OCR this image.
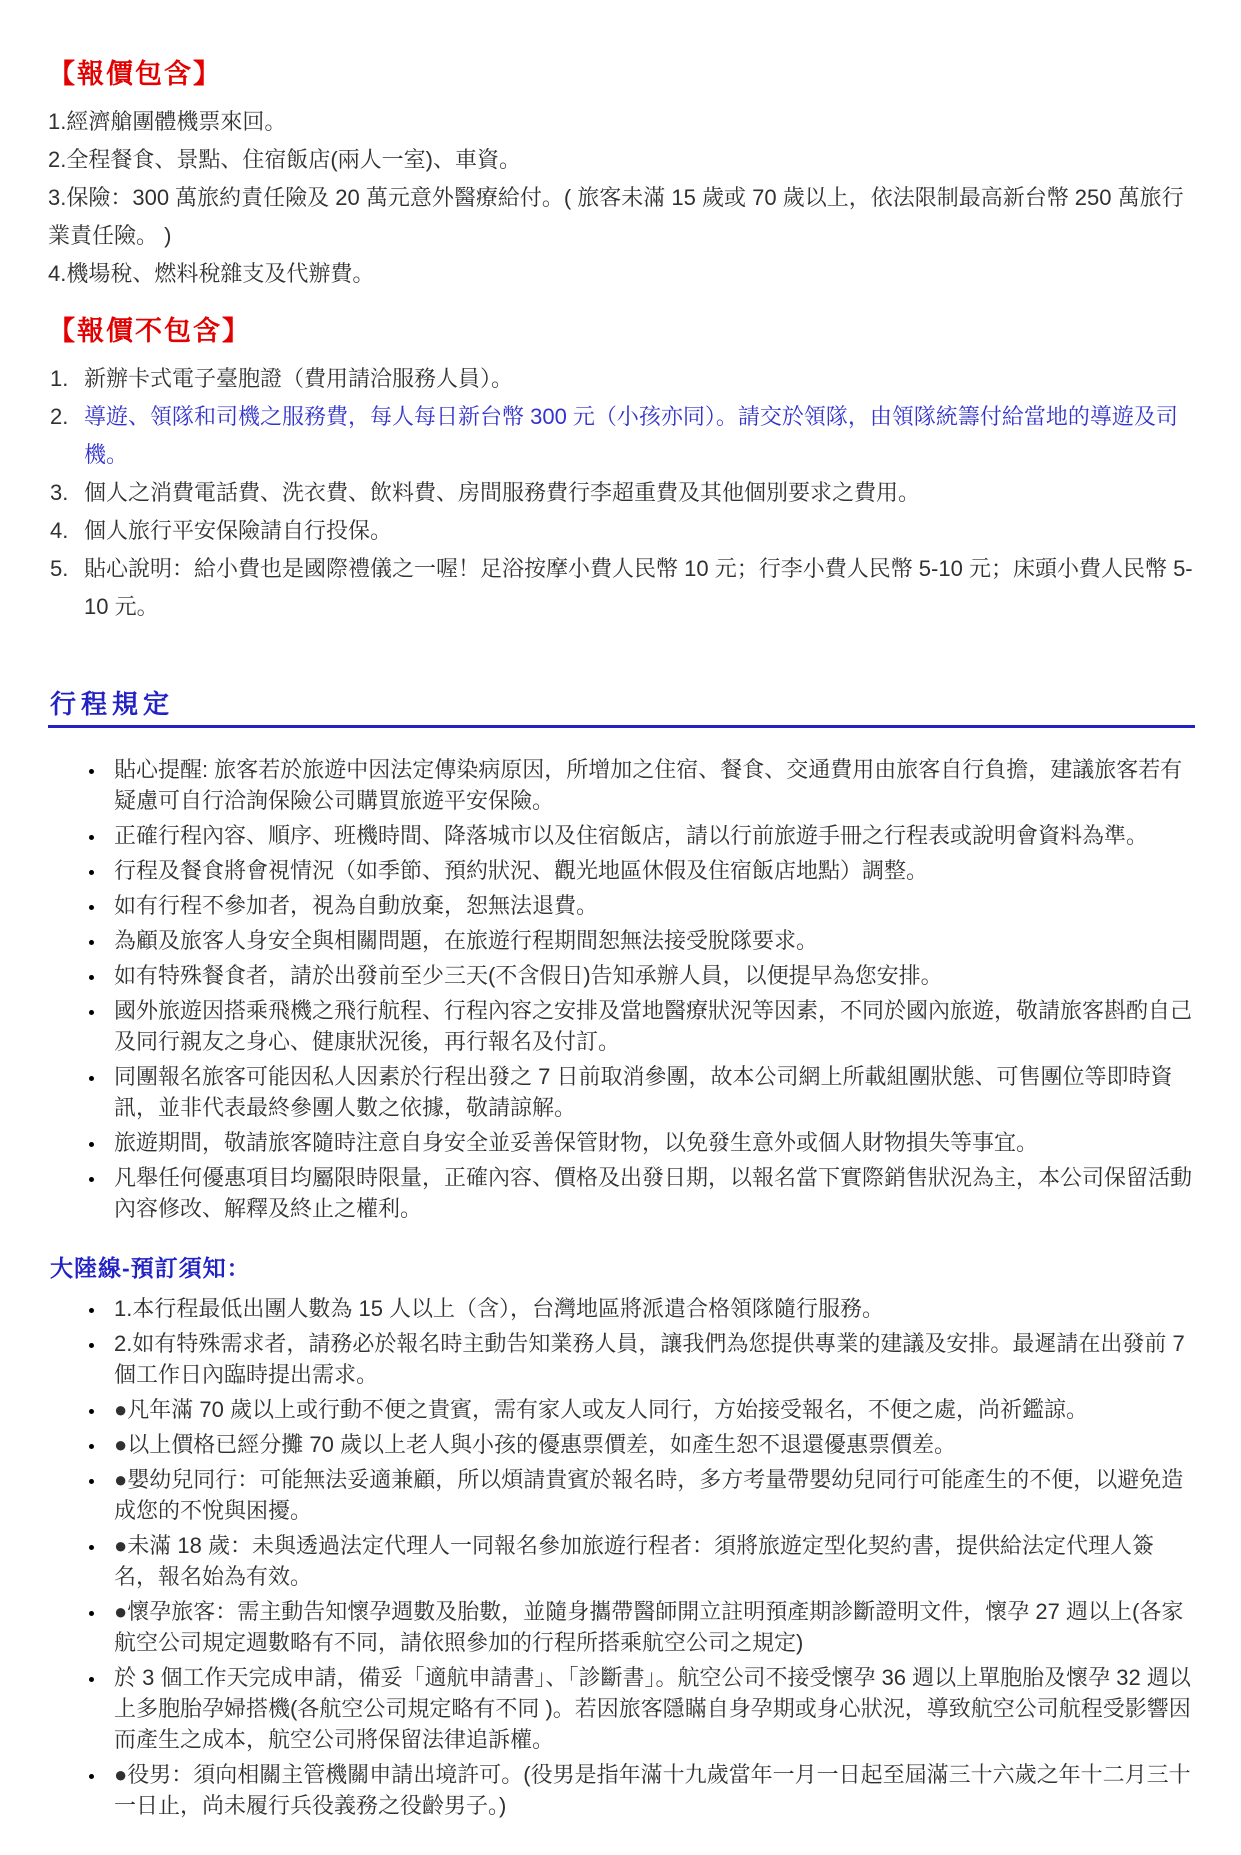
【報價包含】
1.經濟艙團體機票來回。
2.全程餐食、景點、住宿飯店(兩人一室)、車資。
3.保險：300 萬旅約責任險及 20 萬元意外醫療給付。( 旅客未滿 15 歲或 70 歲以上，依法限制最高新台幣 250 萬旅行業責任險。 )
4.機場稅、燃料稅雜支及代辦費。
【報價不包含】
1. 新辦卡式電子臺胞證（費用請洽服務人員）。
2. 導遊、領隊和司機之服務費，每人每日新台幣 300 元（小孩亦同）。請交於領隊，由領隊統籌付給當地的導遊及司機。
3. 個人之消費電話費、洗衣費、飲料費、房間服務費行李超重費及其他個別要求之費用。
4. 個人旅行平安保險請自行投保。
5. 貼心說明：給小費也是國際禮儀之一喔！足浴按摩小費人民幣 10 元；行李小費人民幣 5-10 元；床頭小費人民幣 5-10 元。
行程規定
• 貼心提醒: 旅客若於旅遊中因法定傳染病原因，所增加之住宿、餐食、交通費用由旅客自行負擔，建議旅客若有疑慮可自行洽詢保險公司購買旅遊平安保險。
• 正確行程內容、順序、班機時間、降落城市以及住宿飯店，請以行前旅遊手冊之行程表或說明會資料為準。
• 行程及餐食將會視情況（如季節、預約狀況、觀光地區休假及住宿飯店地點）調整。
• 如有行程不參加者，視為自動放棄，恕無法退費。
• 為顧及旅客人身安全與相關問題，在旅遊行程期間恕無法接受脫隊要求。
• 如有特殊餐食者，請於出發前至少三天(不含假日)告知承辦人員，以便提早為您安排。
• 國外旅遊因搭乘飛機之飛行航程、行程內容之安排及當地醫療狀況等因素，不同於國內旅遊，敬請旅客斟酌自己及同行親友之身心、健康狀況後，再行報名及付訂。
• 同團報名旅客可能因私人因素於行程出發之 7 日前取消參團，故本公司網上所載組團狀態、可售團位等即時資訊，並非代表最終參團人數之依據，敬請諒解。
• 旅遊期間，敬請旅客隨時注意自身安全並妥善保管財物，以免發生意外或個人財物損失等事宜。
• 凡舉任何優惠項目均屬限時限量，正確內容、價格及出發日期，以報名當下實際銷售狀況為主，本公司保留活動內容修改、解釋及終止之權利。
大陸線-預訂須知：
• 1.本行程最低出團人數為 15 人以上（含），台灣地區將派遣合格領隊隨行服務。
• 2.如有特殊需求者，請務必於報名時主動告知業務人員，讓我們為您提供專業的建議及安排。最遲請在出發前 7 個工作日內臨時提出需求。
• ●凡年滿 70 歲以上或行動不便之貴賓，需有家人或友人同行，方始接受報名，不便之處，尚祈鑑諒。
• ●以上價格已經分攤 70 歲以上老人與小孩的優惠票價差，如產生恕不退還優惠票價差。
• ●嬰幼兒同行：可能無法妥適兼顧，所以煩請貴賓於報名時，多方考量帶嬰幼兒同行可能產生的不便，以避免造成您的不悅與困擾。
• ●未滿 18 歲：未與透過法定代理人一同報名參加旅遊行程者：須將旅遊定型化契約書，提供給法定代理人簽名，報名始為有效。
• ●懷孕旅客：需主動告知懷孕週數及胎數，並隨身攜帶醫師開立註明預產期診斷證明文件，懷孕 27 週以上(各家航空公司規定週數略有不同，請依照參加的行程所搭乘航空公司之規定)
• 於 3 個工作天完成申請，備妥「適航申請書」、「診斷書」。航空公司不接受懷孕 36 週以上單胞胎及懷孕 32 週以上多胞胎孕婦搭機(各航空公司規定略有不同 )。若因旅客隱瞞自身孕期或身心狀況，導致航空公司航程受影響因而產生之成本，航空公司將保留法律追訴權。
• ●役男：須向相關主管機關申請出境許可。(役男是指年滿十九歲當年一月一日起至屆滿三十六歲之年十二月三十一日止，尚未履行兵役義務之役齡男子。)
